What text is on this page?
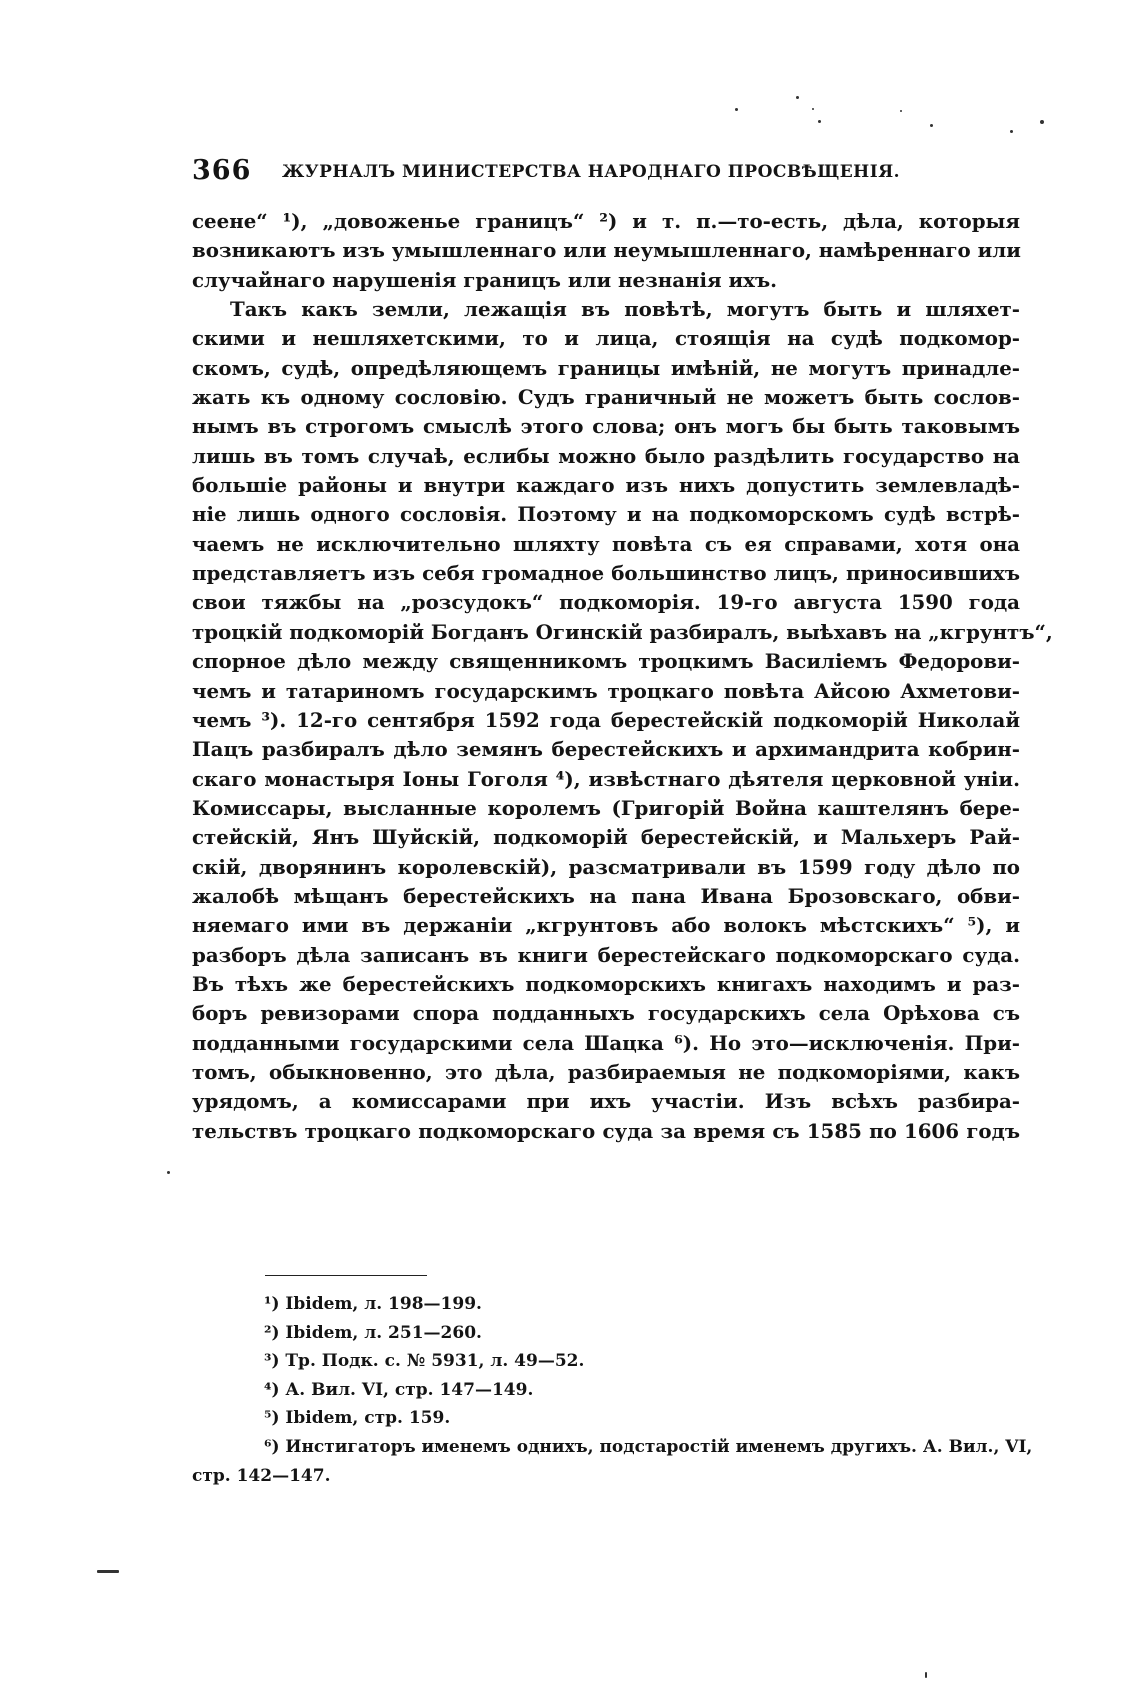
366 ЖУРНАЛЪ МИНИСТЕРСТВА НАРОДНАГО ПРОСВѢЩЕНІЯ.
сеене“ ¹), „довоженье границъ“ ²) и т. п.—то-есть, дѣла, которыя
возникаютъ изъ умышленнаго или неумышленнаго, намѣреннаго или
случайнаго нарушенія границъ или незнанія ихъ.
Такъ какъ земли, лежащія въ повѣтѣ, могутъ быть и шляхет-
скими и нешляхетскими, то и лица, стоящія на судѣ подкомор-
скомъ, судѣ, опредѣляющемъ границы имѣній, не могутъ принадле-
жать къ одному сословію. Судъ граничный не можетъ быть сослов-
нымъ въ строгомъ смыслѣ этого слова; онъ могъ бы быть таковымъ
лишь въ томъ случаѣ, еслибы можно было раздѣлить государство на
большіе районы и внутри каждаго изъ нихъ допустить землевладѣ-
ніе лишь одного сословія. Поэтому и на подкоморскомъ судѣ встрѣ-
чаемъ не исключительно шляхту повѣта съ ея справами, хотя она
представляетъ изъ себя громадное большинство лицъ, приносившихъ
свои тяжбы на „розсудокъ“ подкоморія. 19-го августа 1590 года
троцкій подкоморій Богданъ Огинскій разбиралъ, выѣхавъ на „кгрунтъ“,
спорное дѣло между священникомъ троцкимъ Василіемъ Федорови-
чемъ и татариномъ государскимъ троцкаго повѣта Айсою Ахметови-
чемъ ³). 12-го сентября 1592 года берестейскій подкоморій Николай
Пацъ разбиралъ дѣло земянъ берестейскихъ и архимандрита кобрин-
скаго монастыря Іоны Гоголя ⁴), извѣстнаго дѣятеля церковной уніи.
Комиссары, высланные королемъ (Григорій Война каштелянъ бере-
стейскій, Янъ Шуйскій, подкоморій берестейскій, и Мальхеръ Рай-
скій, дворянинъ королевскій), разсматривали въ 1599 году дѣло по
жалобѣ мѣщанъ берестейскихъ на пана Ивана Брозовскаго, обви-
няемаго ими въ держаніи „кгрунтовъ або волокъ мѣстскихъ“ ⁵), и
разборъ дѣла записанъ въ книги берестейскаго подкоморскаго суда.
Въ тѣхъ же берестейскихъ подкоморскихъ книгахъ находимъ и раз-
боръ ревизорами спора подданныхъ государскихъ села Орѣхова съ
подданными государскими села Шацка ⁶). Но это—исключенія. При-
томъ, обыкновенно, это дѣла, разбираемыя не подкоморіями, какъ
урядомъ, а комиссарами при ихъ участіи. Изъ всѣхъ разбира-
тельствъ троцкаго подкоморскаго суда за время съ 1585 по 1606 годъ
¹) Ibidem, л. 198—199.
²) Ibidem, л. 251—260.
³) Тр. Подк. с. № 5931, л. 49—52.
⁴) А. Вил. VI, стр. 147—149.
⁵) Ibidem, стр. 159.
⁶) Инстигаторъ именемъ однихъ, подстаростій именемъ другихъ. А. Вил., VI,
стр. 142—147.
